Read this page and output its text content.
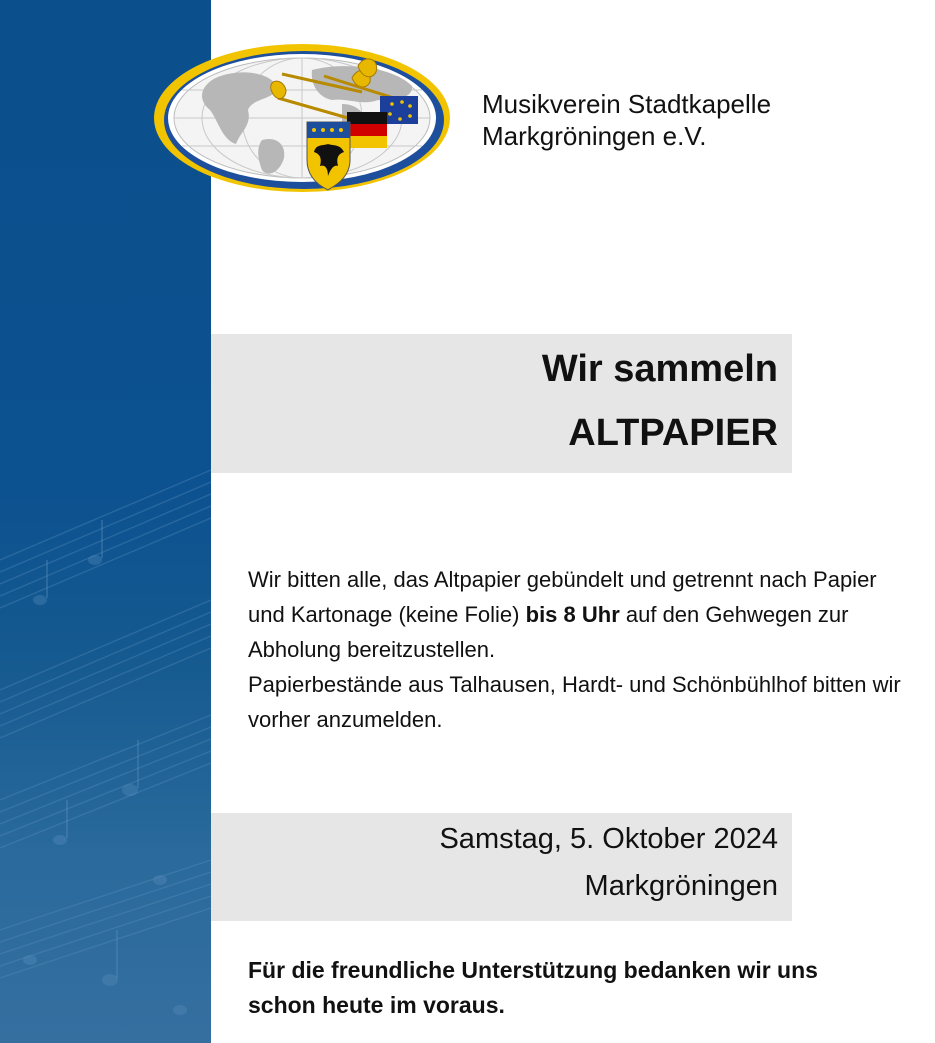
Musikverein Stadtkapelle
Markgröningen e.V.
Wir sammeln
ALTPAPIER
Wir bitten alle, das Altpapier gebündelt und getrennt nach Papier und Kartonage (keine Folie) bis 8 Uhr auf den Gehwegen zur Abholung bereitzustellen.
Papierbestände aus Talhausen, Hardt- und Schönbühlhof bitten wir vorher anzumelden.
Samstag, 5. Oktober 2024
Markgröningen
Für die freundliche Unterstützung bedanken wir uns
schon heute im voraus.
